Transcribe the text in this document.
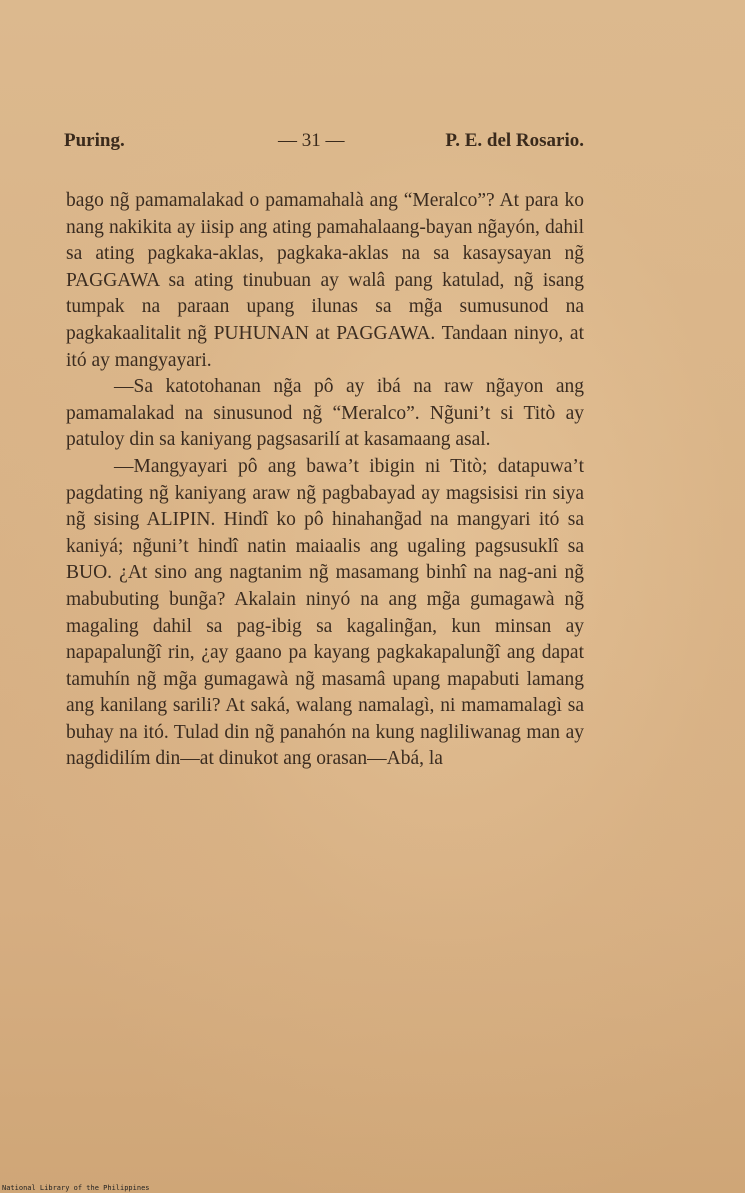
Puring.	— 31 —	P. E. del Rosario.

bago ng̃ pamamalakad o pamamahalà ang “Meralco”? At para ko nang nakikita ay iisip ang ating pamahalaang-bayan ng̃ayón, dahil sa ating pagkaka-aklas, pagkaka-aklas na sa kasaysayan ng̃ PAGGAWA sa ating tinubuan ay walâ pang katulad, ng̃ isang tumpak na paraan upang ilunas sa mg̃a sumusunod na pagkakaalitalit ng̃ PUHUNAN at PAGGAWA. Tandaan ninyo, at itó ay mangyayari.

—Sa katotohanan ng̃a pô ay ibá na raw ng̃ayon ang pamamalakad na sinusunod ng̃ “Meralco”. Ng̃uni’t si Titò ay patuloy din sa kaniyang pagsasarilí at kasamaang asal.

—Mangyayari pô ang bawa’t ibigin ni Titò; datapuwa’t pagdating ng̃ kaniyang araw ng̃ pagbabayad ay magsisisi rin siya ng̃ sising ALIPIN. Hindî ko pô hinahang̃ad na mangyari itó sa kaniyá; ng̃uni’t hindî natin maiaalis ang ugaling pagsusuklî sa BUO. ¿At sino ang nagtanim ng̃ masamang binhî na nag-ani ng̃ mabubuting bung̃a? Akalain ninyó na ang mg̃a gumagawà ng̃ magaling dahil sa pag-ibig sa kagaling̃an, kun minsan ay napapalung̃î rin, ¿ay gaano pa kayang pagkakapalung̃î ang dapat tamuhín ng̃ mg̃a gumagawà ng̃ masamâ upang mapabuti lamang ang kanilang sarili? At saká, walang namalagì, ni mamamalagì sa buhay na itó. Tulad din ng̃ panahón na kung nagliliwanag man ay nagdidilím din—at dinukot ang orasan—Abá, la

National Library of the Philippines
